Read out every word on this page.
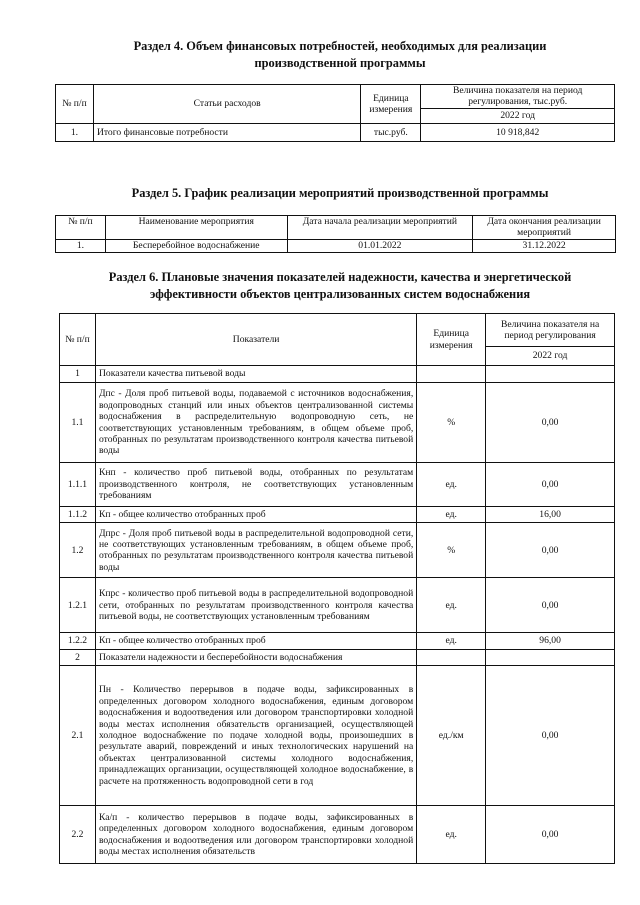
Раздел 4. Объем финансовых потребностей, необходимых для реализации
производственной программы
№ п/п	Статьи расходов	Единица измерения	Величина показателя на период регулирования, тыс.руб.
			2022 год
1.	Итого финансовые потребности	тыс.руб.	10 918,842
Раздел 5. График реализации мероприятий производственной программы
№ п/п	Наименование мероприятия	Дата начала реализации мероприятий	Дата окончания реализации мероприятий
1.	Бесперебойное водоснабжение	01.01.2022	31.12.2022
Раздел 6. Плановые значения показателей надежности, качества и энергетической
эффективности объектов централизованных систем водоснабжения
№ п/п	Показатели	Единица измерения	Величина показателя на период регулирования
			2022 год
1	Показатели качества питьевой воды		
1.1	Дпс - Доля проб питьевой воды, подаваемой с источников водоснабжения, водопроводных станций или иных объектов централизованной системы водоснабжения в распределительную водопроводную сеть, не соответствующих установленным требованиям, в общем объеме проб, отобранных по результатам производственного контроля качества питьевой воды	%	0,00
1.1.1	Кнп - количество проб питьевой воды, отобранных по результатам производственного контроля, не соответствующих установленным требованиям	ед.	0,00
1.1.2	Кп - общее количество отобранных проб	ед.	16,00
1.2	Дпрс - Доля проб питьевой воды в распределительной водопроводной сети, не соответствующих установленным требованиям, в общем объеме проб, отобранных по результатам производственного контроля качества питьевой воды	%	0,00
1.2.1	Кпрс - количество проб питьевой воды в распределительной водопроводной сети, отобранных по результатам производственного контроля качества питьевой воды, не соответствующих установленным требованиям	ед.	0,00
1.2.2	Кп - общее количество отобранных проб	ед.	96,00
2	Показатели надежности и бесперебойности водоснабжения		
2.1	Пн - Количество перерывов в подаче воды, зафиксированных в определенных договором холодного водоснабжения, единым договором водоснабжения и водоотведения или договором транспортировки холодной воды местах исполнения обязательств организацией, осуществляющей холодное водоснабжение по подаче холодной воды, произошедших в результате аварий, повреждений и иных технологических нарушений на объектах централизованной системы холодного водоснабжения, принадлежащих организации, осуществляющей холодное водоснабжение, в расчете на протяженность водопроводной сети в год	ед./км	0,00
2.2	Ка/п - количество перерывов в подаче воды, зафиксированных в определенных договором холодного водоснабжения, единым договором водоснабжения и водоотведения или договором транспортировки холодной воды местах исполнения обязательств	ед.	0,00
